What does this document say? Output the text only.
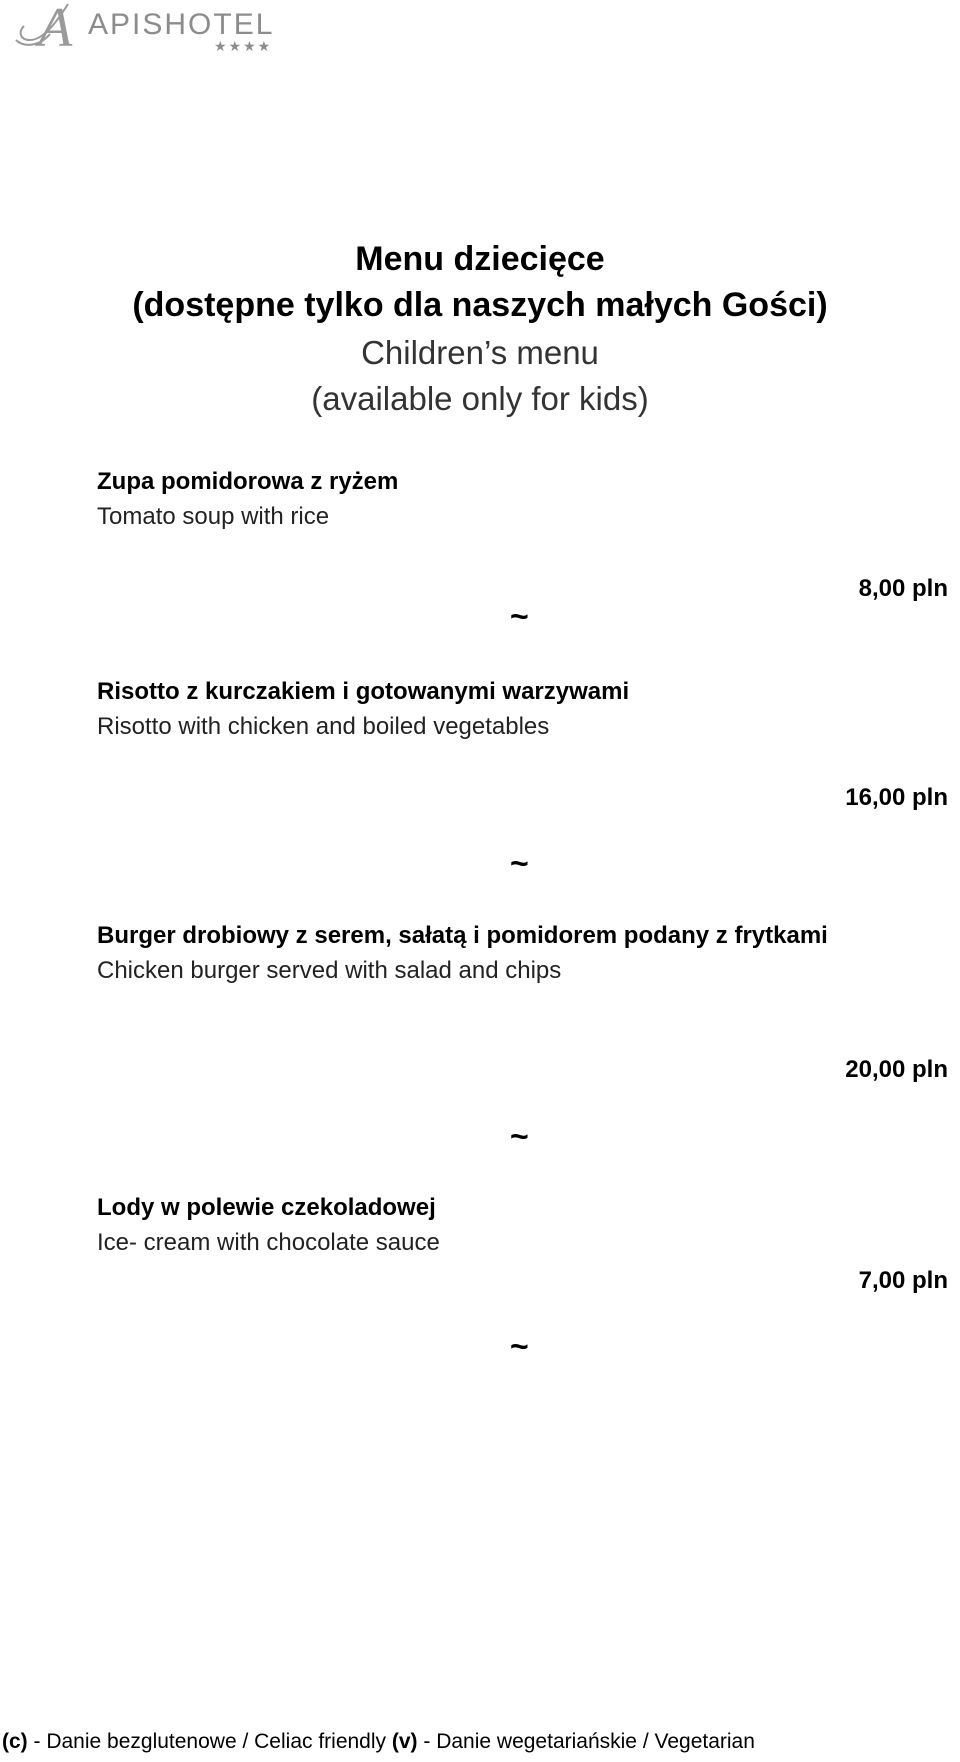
A APISHOTEL
★★★★
Menu dziecięce
(dostępne tylko dla naszych małych Gości)
Children’s menu
(available only for kids)
Zupa pomidorowa z ryżem
Tomato soup with rice
8,00 pln
~
Risotto z kurczakiem i gotowanymi warzywami
Risotto with chicken and boiled vegetables
16,00 pln
~
Burger drobiowy z serem, sałatą i pomidorem podany z frytkami
Chicken burger served with salad and chips
20,00 pln
~
Lody w polewie czekoladowej
Ice- cream with chocolate sauce
7,00 pln
~
(c) - Danie bezglutenowe / Celiac friendly (v) - Danie wegetariańskie / Vegetarian
